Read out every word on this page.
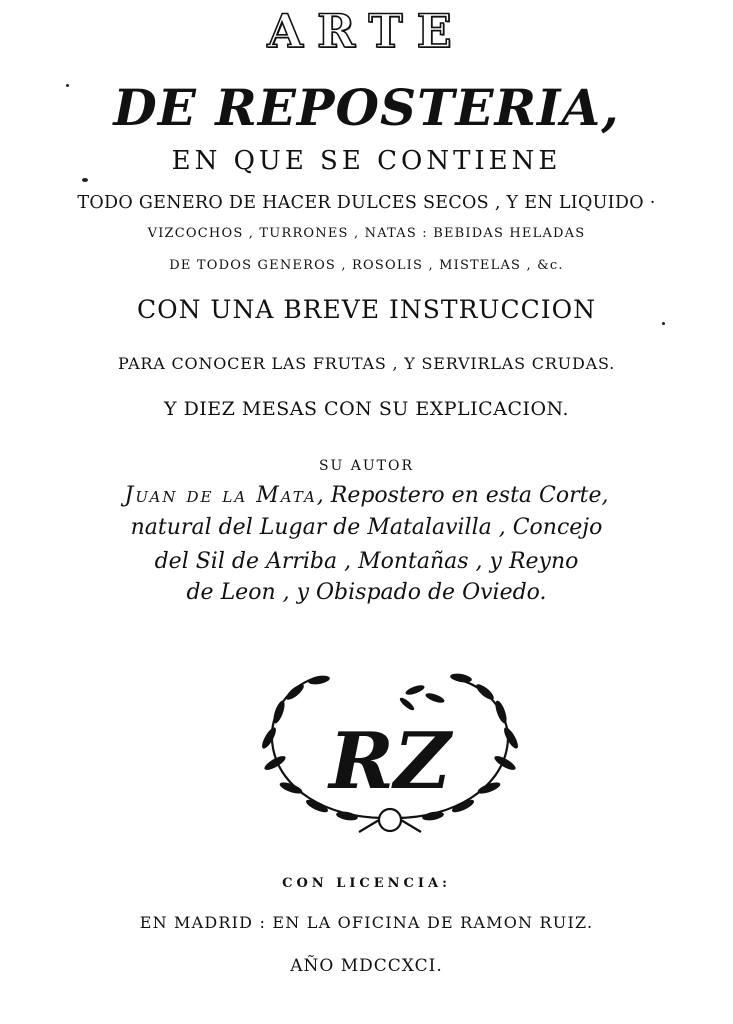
ARTE
DE REPOSTERIA,
EN QUE SE CONTIENE
TODO GENERO DE HACER DULCES SECOS , Y EN LIQUIDO ·
VIZCOCHOS , TURRONES , NATAS : BEBIDAS HELADAS
DE TODOS GENEROS , ROSOLIS , MISTELAS , &c.
CON UNA BREVE INSTRUCCION
PARA CONOCER LAS FRUTAS , Y SERVIRLAS CRUDAS.
Y DIEZ MESAS CON SU EXPLICACION.
SU AUTOR
Juan de la Mata, Repostero en esta Corte,
natural del Lugar de Matalavilla , Concejo
del Sil de Arriba , Montañas , y Reyno
de Leon , y Obispado de Oviedo.
RZ
CON LICENCIA:
EN MADRID : EN LA OFICINA DE RAMON RUIZ.
AÑO MDCCXCI.
